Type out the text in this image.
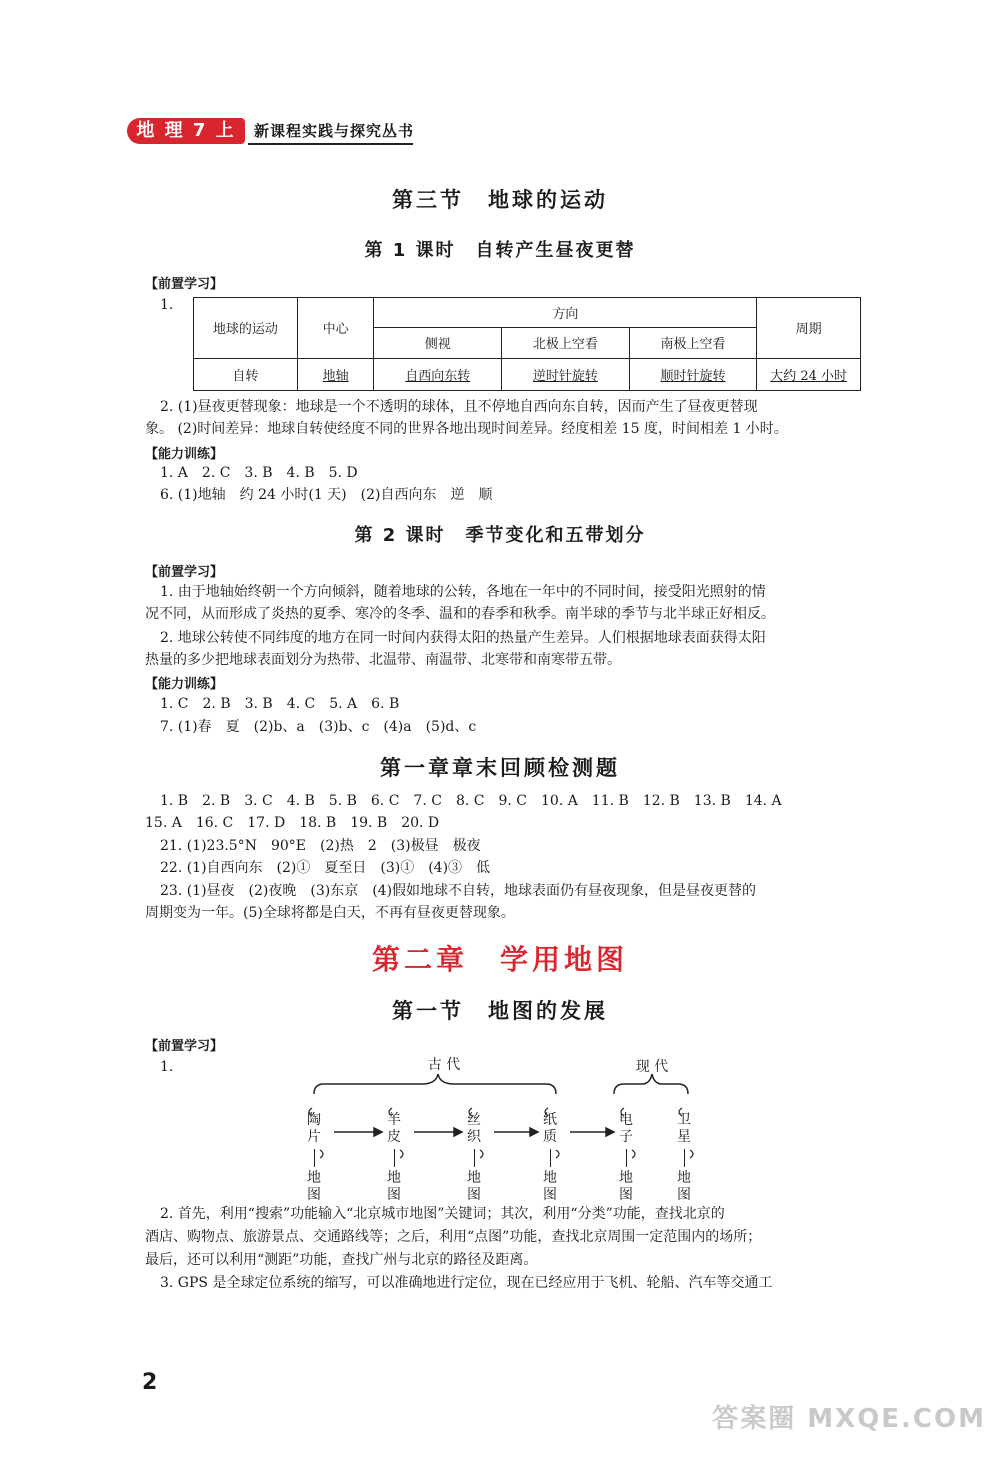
地 理 7 上	新课程实践与探究丛书
第三节　地球的运动
第 1 课时　自转产生昼夜更替
【前置学习】
1.
地球的运动	中心	方向			周期
		侧视	北极上空看	南极上空看	
自转	地轴	自西向东转	逆时针旋转	顺时针旋转	大约 24 小时
2. (1)昼夜更替现象：地球是一个不透明的球体，且不停地自西向东自转，因而产生了昼夜更替现
象。 (2)时间差异：地球自转使经度不同的世界各地出现时间差异。经度相差 15 度，时间相差 1 小时。
【能力训练】
1. A　2. C　3. B　4. B　5. D
6. (1)地轴　约 24 小时(1 天)　(2)自西向东　逆　顺
第 2 课时　季节变化和五带划分
【前置学习】
1. 由于地轴始终朝一个方向倾斜，随着地球的公转，各地在一年中的不同时间，接受阳光照射的情
况不同，从而形成了炎热的夏季、寒冷的冬季、温和的春季和秋季。南半球的季节与北半球正好相反。
2. 地球公转使不同纬度的地方在同一时间内获得太阳的热量产生差异。人们根据地球表面获得太阳
热量的多少把地球表面划分为热带、北温带、南温带、北寒带和南寒带五带。
【能力训练】
1. C　2. B　3. B　4. C　5. A　6. B
7. (1)春　夏　(2)b、a　(3)b、c　(4)a　(5)d、c
第一章章末回顾检测题
1. B　2. B　3. C　4. B　5. B　6. C　7. C　8. C　9. C　10. A　11. B　12. B　13. B　14. A
15. A　16. C　17. D　18. B　19. B　20. D
21. (1)23.5°N　90°E　(2)热　2　(3)极昼　极夜
22. (1)自西向东　(2)①　夏至日　(3)①　(4)③　低
23. (1)昼夜　(2)夜晚　(3)东京　(4)假如地球不自转，地球表面仍有昼夜现象，但是昼夜更替的
周期变为一年。(5)全球将都是白天，不再有昼夜更替现象。
第二章　学用地图
第一节　地图的发展
【前置学习】
1.	古 代	现 代
陶片
地图
羊皮
地图
丝织
地图
纸质
地图
电子
地图
卫星
地图
2. 首先，利用“搜索”功能输入“北京城市地图”关键词；其次，利用“分类”功能，查找北京的
酒店、购物点、旅游景点、交通路线等；之后，利用“点图”功能，查找北京周围一定范围内的场所；
最后，还可以利用“测距”功能，查找广州与北京的路径及距离。
3. GPS 是全球定位系统的缩写，可以准确地进行定位，现在已经应用于飞机、轮船、汽车等交通工
2
答案圈 MXQE.COM
